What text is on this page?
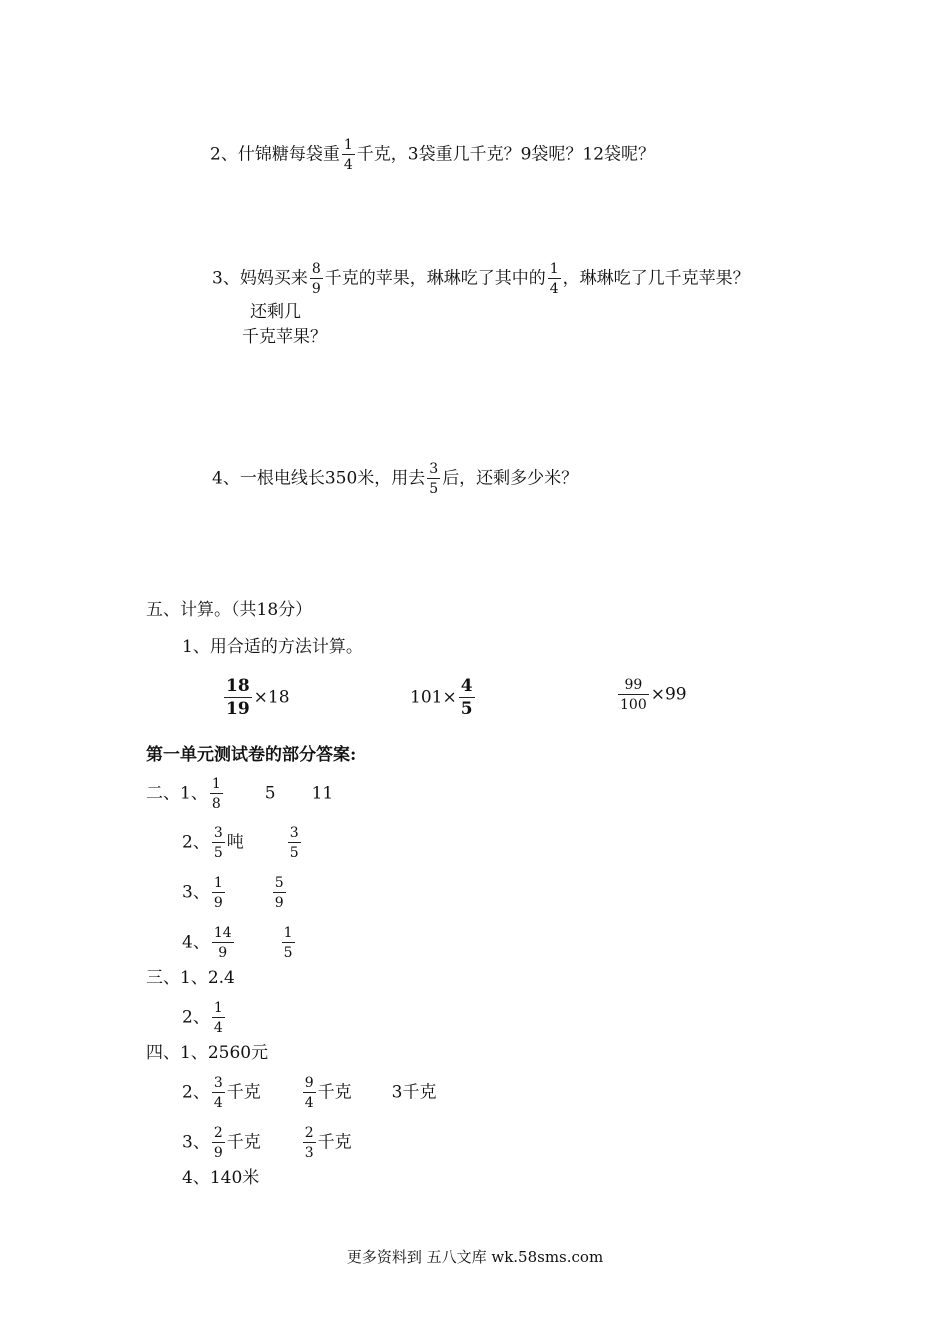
2、什锦糖每袋重 $\frac{1}{4}$ 千克，3袋重几千克？9袋呢？12袋呢？
3、妈妈买来 $\frac{8}{9}$ 千克的苹果，琳琳吃了其中的 $\frac{1}{4}$ ，琳琳吃了几千克苹果？
还剩几
千克苹果？
4、一根电线长350米，用去 $\frac{3}{5}$ 后，还剩多少米？
五、计算。（共18分）
1、用合适的方法计算。
$\frac{18}{19} \times 18$	$101\times \frac{4}{5}$	$\frac{99}{100} \times 99$
第一单元测试卷的部分答案:
二、1、 $\frac{1}{8} 5$ 11
2、 $\frac{3}{5}$ 吨	$\frac{3}{5}$
3、 $\frac{1}{9}$	$\frac{5}{9}$
4、 $\frac{14}{9}$	$\frac{1}{5}$
三、1、2.4
2、 $\frac{1}{4}$
四、1、2560元
2、 $\frac{3}{4}$ 千克	$\frac{9}{4}$ 千克 3千克
3、 $\frac{2}{9}$ 千克	$\frac{2}{3}$ 千克
4、140米
更多资料到 五八文库 wk.58sms.com
